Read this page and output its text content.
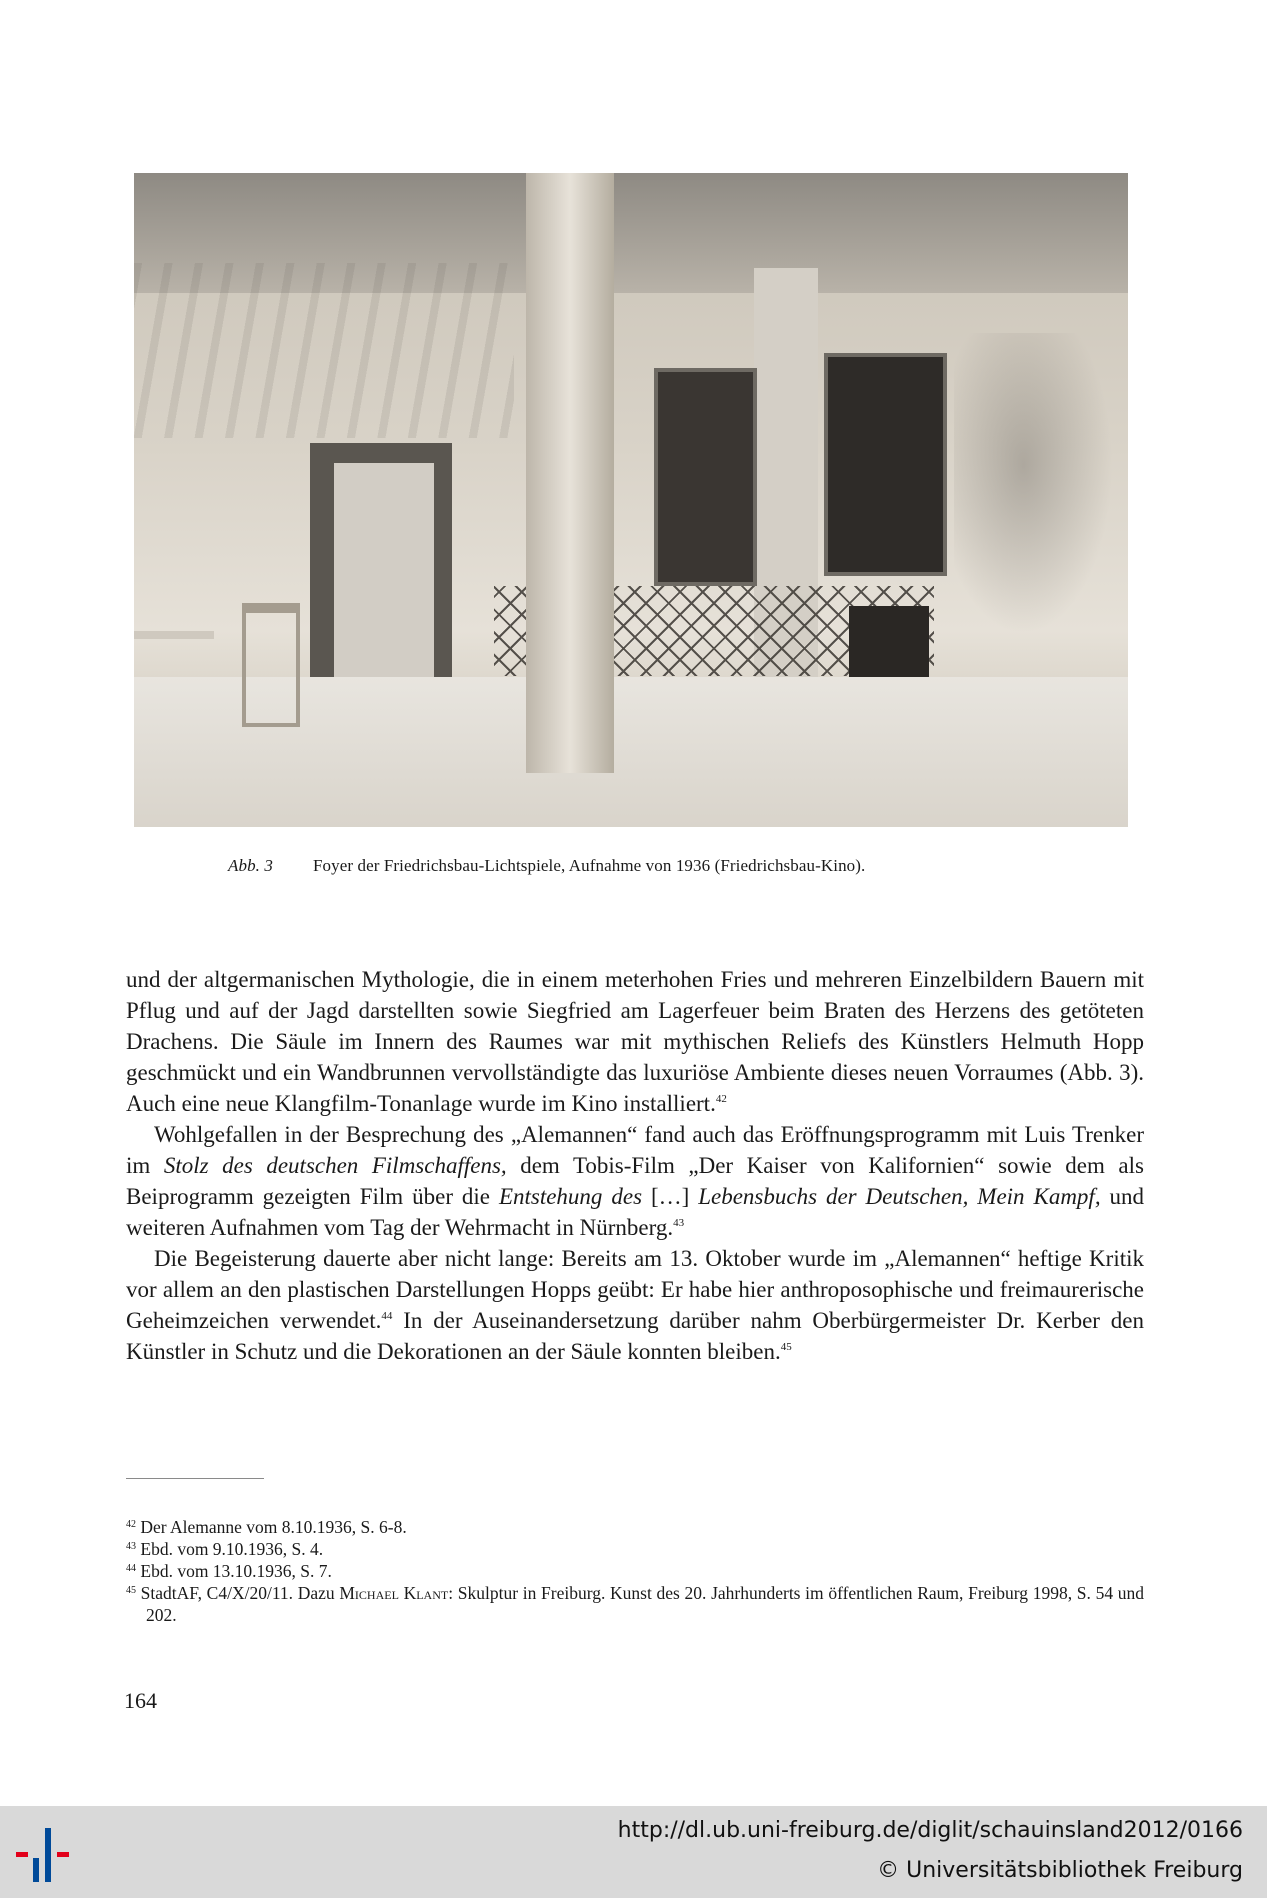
Abb. 3 Foyer der Friedrichsbau-Lichtspiele, Aufnahme von 1936 (Friedrichsbau-Kino).

und der altgermanischen Mythologie, die in einem meterhohen Fries und mehreren Einzelbildern Bauern mit Pflug und auf der Jagd darstellten sowie Siegfried am Lagerfeuer beim Braten des Herzens des getöteten Drachens. Die Säule im Innern des Raumes war mit mythischen Reliefs des Künstlers Helmuth Hopp geschmückt und ein Wandbrunnen vervollständigte das luxuriöse Ambiente dieses neuen Vorraumes (Abb. 3). Auch eine neue Klangfilm-Tonanlage wurde im Kino installiert.$^{42}$

Wohlgefallen in der Besprechung des „Alemannen“ fand auch das Eröffnungsprogramm mit Luis Trenker im Stolz des deutschen Filmschaffens, dem Tobis-Film „Der Kaiser von Kalifornien“ sowie dem als Beiprogramm gezeigten Film über die Entstehung des […] Lebensbuchs der Deutschen, Mein Kampf, und weiteren Aufnahmen vom Tag der Wehrmacht in Nürnberg.$^{43}$

Die Begeisterung dauerte aber nicht lange: Bereits am 13. Oktober wurde im „Alemannen“ heftige Kritik vor allem an den plastischen Darstellungen Hopps geübt: Er habe hier anthroposophische und freimaurerische Geheimzeichen verwendet.$^{44}$ In der Auseinandersetzung darüber nahm Oberbürgermeister Dr. Kerber den Künstler in Schutz und die Dekorationen an der Säule konnten bleiben.$^{45}$

$^{42}$ Der Alemanne vom 8.10.1936, S. 6-8.
$^{43}$ Ebd. vom 9.10.1936, S. 4.
$^{44}$ Ebd. vom 13.10.1936, S. 7.
$^{45}$ StadtAF, C4/X/20/11. Dazu Michael Klant: Skulptur in Freiburg. Kunst des 20. Jahrhunderts im öffentlichen Raum, Freiburg 1998, S. 54 und 202.
164
http://dl.ub.uni-freiburg.de/diglit/schauinsland2012/0166
© Universitätsbibliothek Freiburg
